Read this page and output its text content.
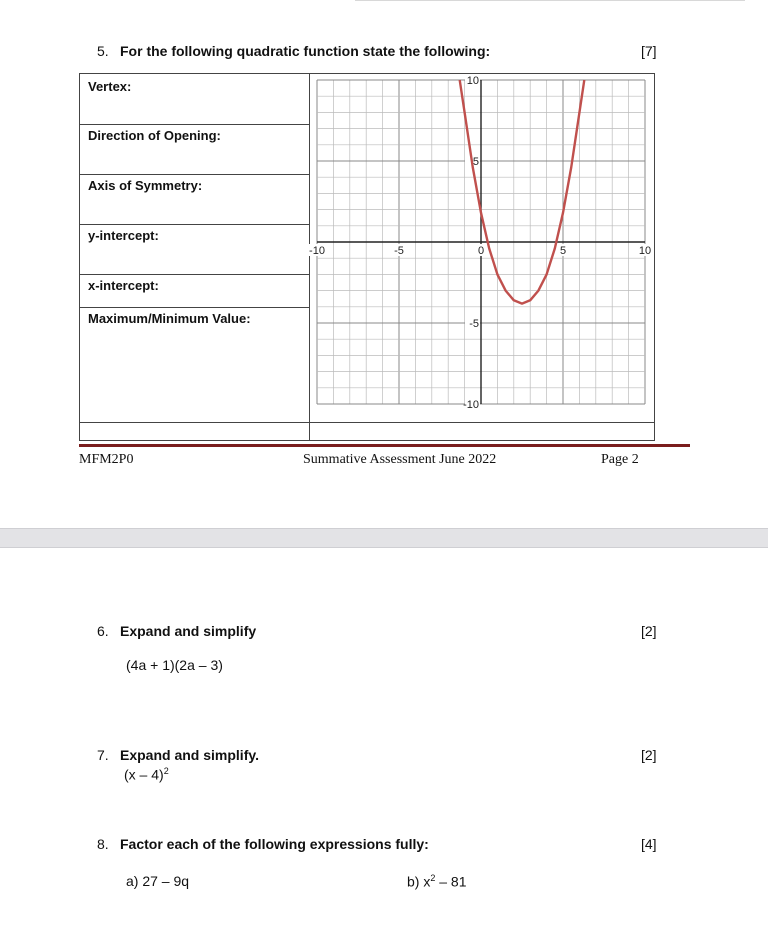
5. For the following quadratic function state the following:	[7]
Vertex:
Direction of Opening:
Axis of Symmetry:
y-intercept:
x-intercept:
Maximum/Minimum Value:
-10	-5	0	5	10
10
5
-5
-10
MFM2P0	Summative Assessment June 2022	Page 2
6. Expand and simplify	[2]
(4a + 1)(2a – 3)
7. Expand and simplify.	[2]
(x – 4)$^2$
8. Factor each of the following expressions fully:	[4]
a) 27 – 9q	b) $x^2 - 81$
